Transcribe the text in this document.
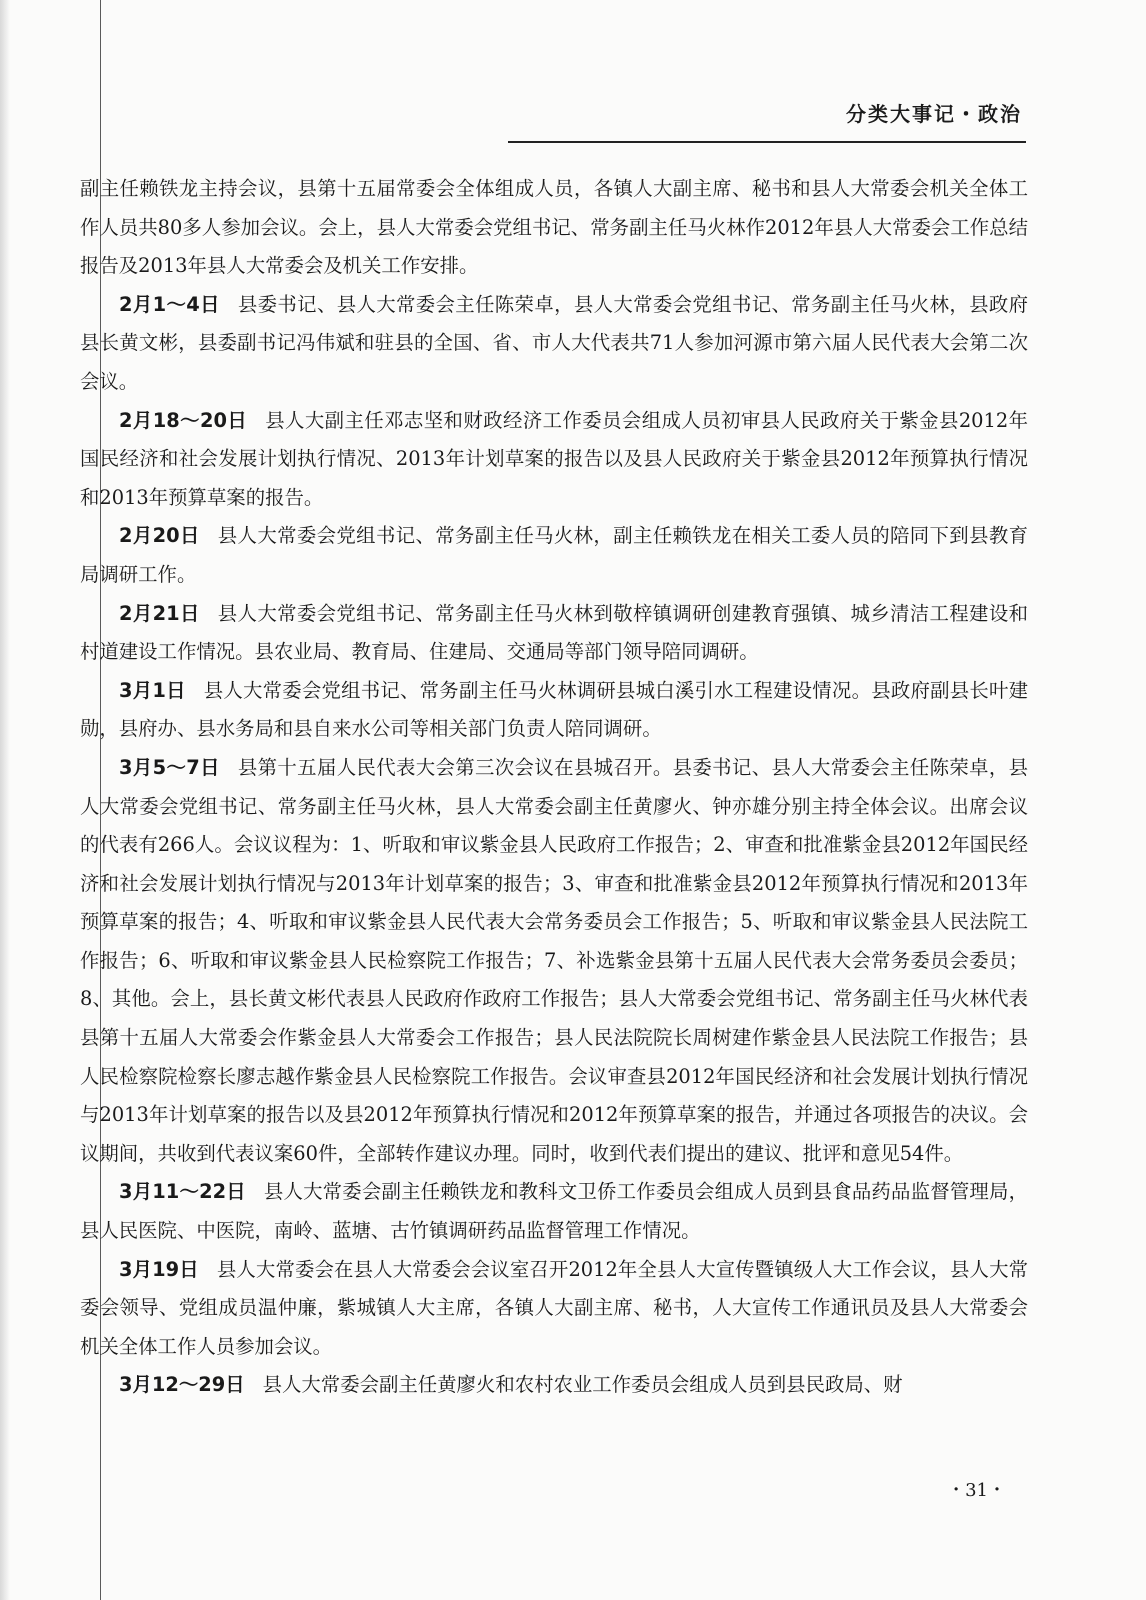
分类大事记・政治

副主任赖铁龙主持会议，县第十五届常委会全体组成人员，各镇人大副主席、秘书和县人大常委会机关全体工作人员共80多人参加会议。会上，县人大常委会党组书记、常务副主任马火林作2012年县人大常委会工作总结报告及2013年县人大常委会及机关工作安排。

2月1～4日 县委书记、县人大常委会主任陈荣卓，县人大常委会党组书记、常务副主任马火林，县政府县长黄文彬，县委副书记冯伟斌和驻县的全国、省、市人大代表共71人参加河源市第六届人民代表大会第二次会议。

2月18～20日 县人大副主任邓志坚和财政经济工作委员会组成人员初审县人民政府关于紫金县2012年国民经济和社会发展计划执行情况、2013年计划草案的报告以及县人民政府关于紫金县2012年预算执行情况和2013年预算草案的报告。

2月20日 县人大常委会党组书记、常务副主任马火林，副主任赖铁龙在相关工委人员的陪同下到县教育局调研工作。

2月21日 县人大常委会党组书记、常务副主任马火林到敬梓镇调研创建教育强镇、城乡清洁工程建设和村道建设工作情况。县农业局、教育局、住建局、交通局等部门领导陪同调研。

3月1日 县人大常委会党组书记、常务副主任马火林调研县城白溪引水工程建设情况。县政府副县长叶建勋，县府办、县水务局和县自来水公司等相关部门负责人陪同调研。

3月5～7日 县第十五届人民代表大会第三次会议在县城召开。县委书记、县人大常委会主任陈荣卓，县人大常委会党组书记、常务副主任马火林，县人大常委会副主任黄廖火、钟亦雄分别主持全体会议。出席会议的代表有266人。会议议程为：1、听取和审议紫金县人民政府工作报告；2、审查和批准紫金县2012年国民经济和社会发展计划执行情况与2013年计划草案的报告；3、审查和批准紫金县2012年预算执行情况和2013年预算草案的报告；4、听取和审议紫金县人民代表大会常务委员会工作报告；5、听取和审议紫金县人民法院工作报告；6、听取和审议紫金县人民检察院工作报告；7、补选紫金县第十五届人民代表大会常务委员会委员；8、其他。会上，县长黄文彬代表县人民政府作政府工作报告；县人大常委会党组书记、常务副主任马火林代表县第十五届人大常委会作紫金县人大常委会工作报告；县人民法院院长周树建作紫金县人民法院工作报告；县人民检察院检察长廖志越作紫金县人民检察院工作报告。会议审查县2012年国民经济和社会发展计划执行情况与2013年计划草案的报告以及县2012年预算执行情况和2012年预算草案的报告，并通过各项报告的决议。会议期间，共收到代表议案60件，全部转作建议办理。同时，收到代表们提出的建议、批评和意见54件。

3月11～22日 县人大常委会副主任赖铁龙和教科文卫侨工作委员会组成人员到县食品药品监督管理局，县人民医院、中医院，南岭、蓝塘、古竹镇调研药品监督管理工作情况。

3月19日 县人大常委会在县人大常委会会议室召开2012年全县人大宣传暨镇级人大工作会议，县人大常委会领导、党组成员温仲廉，紫城镇人大主席，各镇人大副主席、秘书，人大宣传工作通讯员及县人大常委会机关全体工作人员参加会议。

3月12～29日 县人大常委会副主任黄廖火和农村农业工作委员会组成人员到县民政局、财

・31・
